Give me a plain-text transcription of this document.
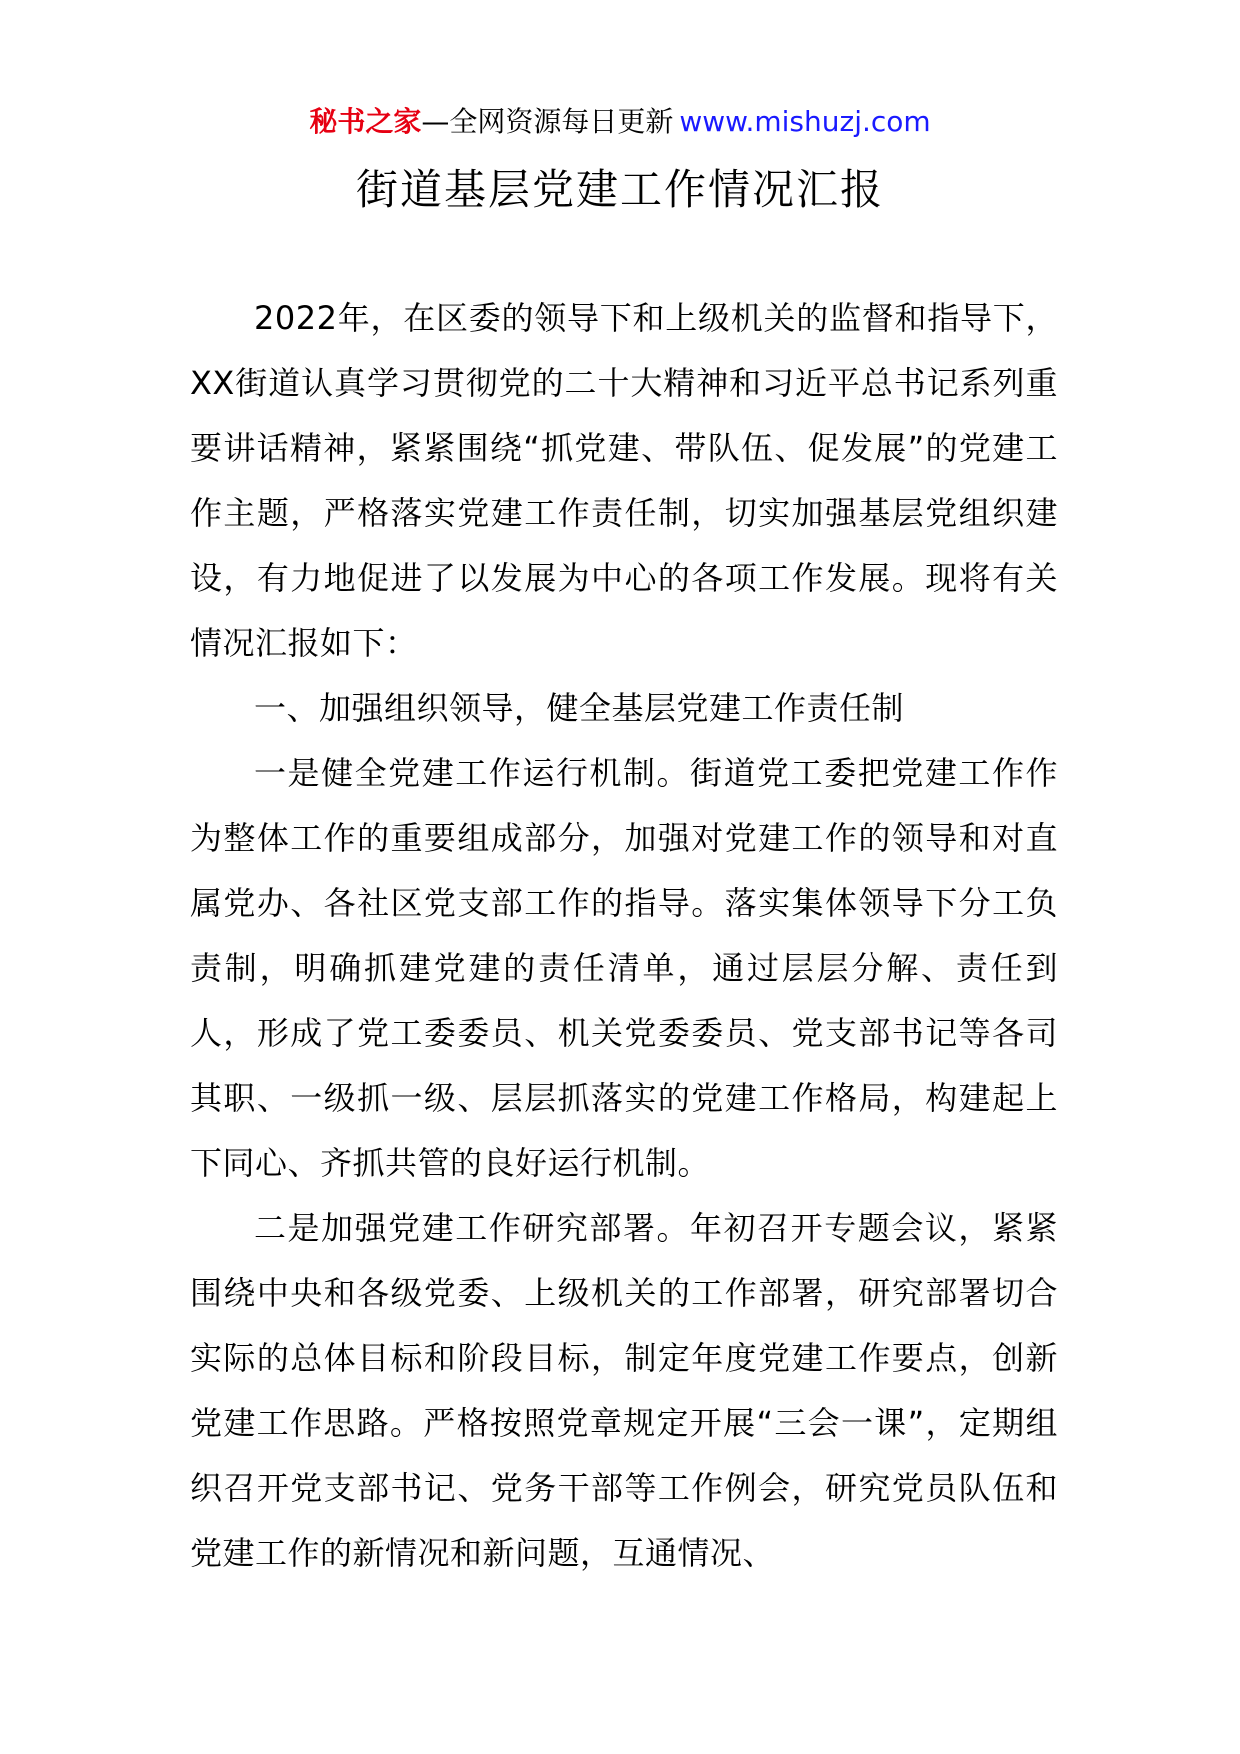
秘书之家—全网资源每日更新 www.mishuzj.com
街道基层党建工作情况汇报

2022年，在区委的领导下和上级机关的监督和指导下，XX街道认真学习贯彻党的二十大精神和习近平总书记系列重要讲话精神，紧紧围绕“抓党建、带队伍、促发展”的党建工作主题，严格落实党建工作责任制，切实加强基层党组织建设，有力地促进了以发展为中心的各项工作发展。现将有关情况汇报如下：

一、加强组织领导，健全基层党建工作责任制

一是健全党建工作运行机制。街道党工委把党建工作作为整体工作的重要组成部分，加强对党建工作的领导和对直属党办、各社区党支部工作的指导。落实集体领导下分工负责制，明确抓建党建的责任清单，通过层层分解、责任到人，形成了党工委委员、机关党委委员、党支部书记等各司其职、一级抓一级、层层抓落实的党建工作格局，构建起上下同心、齐抓共管的良好运行机制。

二是加强党建工作研究部署。年初召开专题会议，紧紧围绕中央和各级党委、上级机关的工作部署，研究部署切合实际的总体目标和阶段目标，制定年度党建工作要点，创新党建工作思路。严格按照党章规定开展“三会一课”，定期组织召开党支部书记、党务干部等工作例会，研究党员队伍和党建工作的新情况和新问题，互通情况、
